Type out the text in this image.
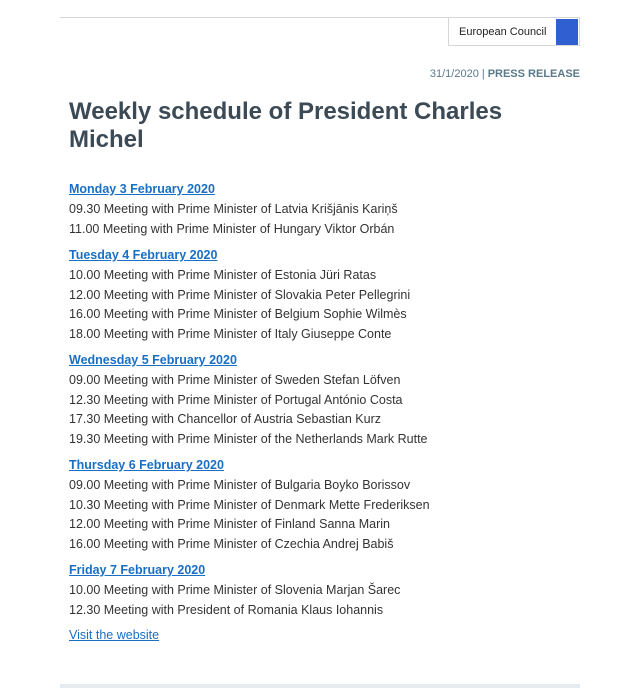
European Council
31/1/2020 | PRESS RELEASE
Weekly schedule of President Charles Michel
Monday 3 February 2020
09.30 Meeting with Prime Minister of Latvia Krišjānis Kariņš
11.00 Meeting with Prime Minister of Hungary Viktor Orbán
Tuesday 4 February 2020
10.00 Meeting with Prime Minister of Estonia Jüri Ratas
12.00 Meeting with Prime Minister of Slovakia Peter Pellegrini
16.00 Meeting with Prime Minister of Belgium Sophie Wilmès
18.00 Meeting with Prime Minister of Italy Giuseppe Conte
Wednesday 5 February 2020
09.00 Meeting with Prime Minister of Sweden Stefan Löfven
12.30 Meeting with Prime Minister of Portugal António Costa
17.30 Meeting with Chancellor of Austria Sebastian Kurz
19.30 Meeting with Prime Minister of the Netherlands Mark Rutte
Thursday 6 February 2020
09.00 Meeting with Prime Minister of Bulgaria Boyko Borissov
10.30 Meeting with Prime Minister of Denmark Mette Frederiksen
12.00 Meeting with Prime Minister of Finland Sanna Marin
16.00 Meeting with Prime Minister of Czechia Andrej Babiš
Friday 7 February 2020
10.00 Meeting with Prime Minister of Slovenia Marjan Šarec
12.30 Meeting with President of Romania Klaus Iohannis
Visit the website
